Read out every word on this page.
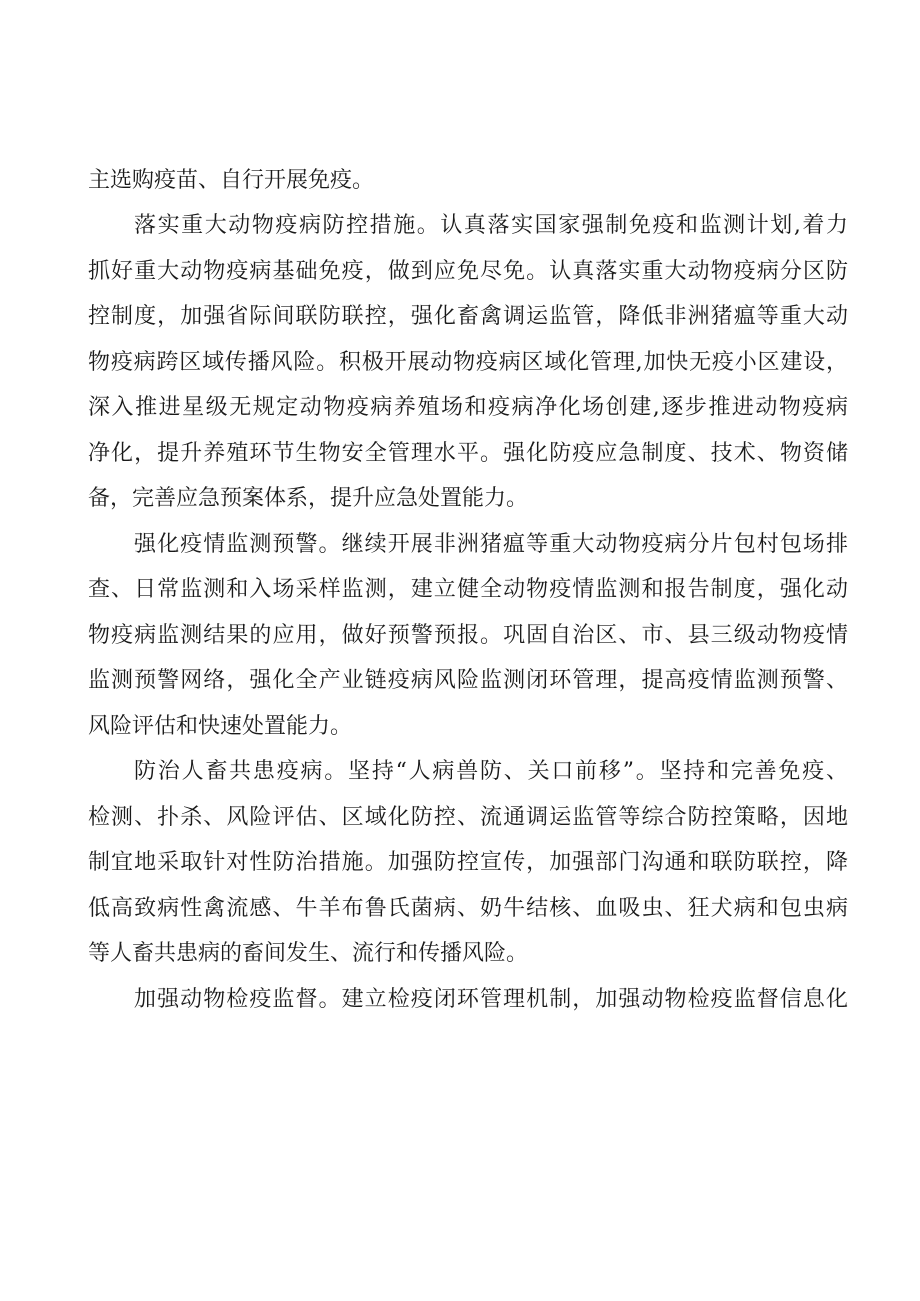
主选购疫苗、自行开展免疫。
落实重大动物疫病防控措施。认真落实国家强制免疫和监测计划,着力
抓好重大动物疫病基础免疫，做到应免尽免。认真落实重大动物疫病分区防
控制度，加强省际间联防联控，强化畜禽调运监管，降低非洲猪瘟等重大动
物疫病跨区域传播风险。积极开展动物疫病区域化管理,加快无疫小区建设，
深入推进星级无规定动物疫病养殖场和疫病净化场创建,逐步推进动物疫病
净化，提升养殖环节生物安全管理水平。强化防疫应急制度、技术、物资储
备，完善应急预案体系，提升应急处置能力。
强化疫情监测预警。继续开展非洲猪瘟等重大动物疫病分片包村包场排
查、日常监测和入场采样监测，建立健全动物疫情监测和报告制度，强化动
物疫病监测结果的应用，做好预警预报。巩固自治区、市、县三级动物疫情
监测预警网络，强化全产业链疫病风险监测闭环管理，提高疫情监测预警、
风险评估和快速处置能力。
防治人畜共患疫病。坚持“人病兽防、关口前移”。坚持和完善免疫、
检测、扑杀、风险评估、区域化防控、流通调运监管等综合防控策略，因地
制宜地采取针对性防治措施。加强防控宣传，加强部门沟通和联防联控，降
低高致病性禽流感、牛羊布鲁氏菌病、奶牛结核、血吸虫、狂犬病和包虫病
等人畜共患病的畜间发生、流行和传播风险。
加强动物检疫监督。建立检疫闭环管理机制，加强动物检疫监督信息化
